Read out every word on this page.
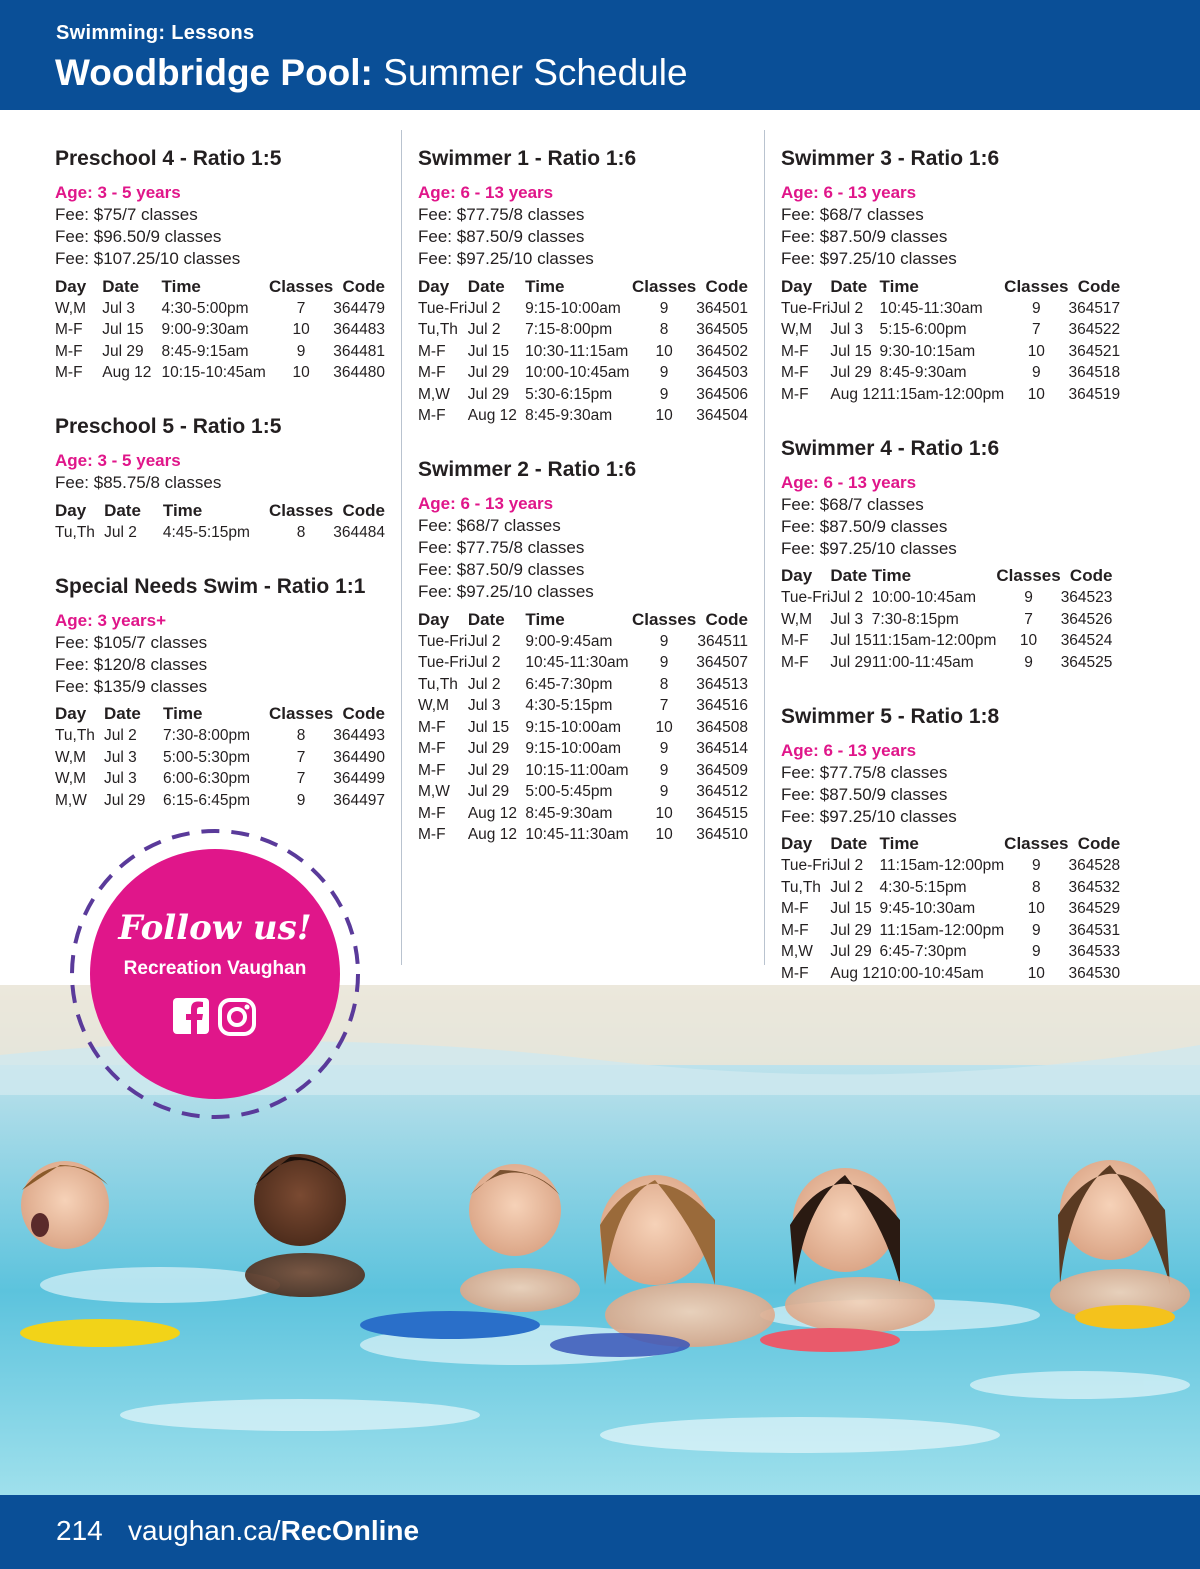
Swimming: Lessons
Woodbridge Pool: Summer Schedule
Preschool 4 - Ratio 1:5
Age: 3 - 5 years
Fee: $75/7 classes
Fee: $96.50/9 classes
Fee: $107.25/10 classes
Day	Date	Time	Classes	Code
W,M	Jul 3	4:30-5:00pm	7	364479
M-F	Jul 15	9:00-9:30am	10	364483
M-F	Jul 29	8:45-9:15am	9	364481
M-F	Aug 12	10:15-10:45am	10	364480
Preschool 5 - Ratio 1:5
Age: 3 - 5 years
Fee: $85.75/8 classes
Day	Date	Time	Classes	Code
Tu,Th	Jul 2	4:45-5:15pm	8	364484
Special Needs Swim - Ratio 1:1
Age: 3 years+
Fee: $105/7 classes
Fee: $120/8 classes
Fee: $135/9 classes
Day	Date	Time	Classes	Code
Tu,Th	Jul 2	7:30-8:00pm	8	364493
W,M	Jul 3	5:00-5:30pm	7	364490
W,M	Jul 3	6:00-6:30pm	7	364499
M,W	Jul 29	6:15-6:45pm	9	364497
Swimmer 1 - Ratio 1:6
Age: 6 - 13 years
Fee: $77.75/8 classes
Fee: $87.50/9 classes
Fee: $97.25/10 classes
Day	Date	Time	Classes	Code
Tue-Fri	Jul 2	9:15-10:00am	9	364501
Tu,Th	Jul 2	7:15-8:00pm	8	364505
M-F	Jul 15	10:30-11:15am	10	364502
M-F	Jul 29	10:00-10:45am	9	364503
M,W	Jul 29	5:30-6:15pm	9	364506
M-F	Aug 12	8:45-9:30am	10	364504
Swimmer 2 - Ratio 1:6
Age: 6 - 13 years
Fee: $68/7 classes
Fee: $77.75/8 classes
Fee: $87.50/9 classes
Fee: $97.25/10 classes
Day	Date	Time	Classes	Code
Tue-Fri	Jul 2	9:00-9:45am	9	364511
Tue-Fri	Jul 2	10:45-11:30am	9	364507
Tu,Th	Jul 2	6:45-7:30pm	8	364513
W,M	Jul 3	4:30-5:15pm	7	364516
M-F	Jul 15	9:15-10:00am	10	364508
M-F	Jul 29	9:15-10:00am	9	364514
M-F	Jul 29	10:15-11:00am	9	364509
M,W	Jul 29	5:00-5:45pm	9	364512
M-F	Aug 12	8:45-9:30am	10	364515
M-F	Aug 12	10:45-11:30am	10	364510
Swimmer 3 - Ratio 1:6
Age: 6 - 13 years
Fee: $68/7 classes
Fee: $87.50/9 classes
Fee: $97.25/10 classes
Day	Date	Time	Classes	Code
Tue-Fri	Jul 2	10:45-11:30am	9	364517
W,M	Jul 3	5:15-6:00pm	7	364522
M-F	Jul 15	9:30-10:15am	10	364521
M-F	Jul 29	8:45-9:30am	9	364518
M-F	Aug 12	11:15am-12:00pm	10	364519
Swimmer 4 - Ratio 1:6
Age: 6 - 13 years
Fee: $68/7 classes
Fee: $87.50/9 classes
Fee: $97.25/10 classes
Day	Date	Time	Classes	Code
Tue-Fri	Jul 2	10:00-10:45am	9	364523
W,M	Jul 3	7:30-8:15pm	7	364526
M-F	Jul 15	11:15am-12:00pm	10	364524
M-F	Jul 29	11:00-11:45am	9	364525
Swimmer 5 - Ratio 1:8
Age: 6 - 13 years
Fee: $77.75/8 classes
Fee: $87.50/9 classes
Fee: $97.25/10 classes
Day	Date	Time	Classes	Code
Tue-Fri	Jul 2	11:15am-12:00pm	9	364528
Tu,Th	Jul 2	4:30-5:15pm	8	364532
M-F	Jul 15	9:45-10:30am	10	364529
M-F	Jul 29	11:15am-12:00pm	9	364531
M,W	Jul 29	6:45-7:30pm	9	364533
M-F	Aug 12	10:00-10:45am	10	364530
Follow us!
Recreation Vaughan
214 vaughan.ca/RecOnline
